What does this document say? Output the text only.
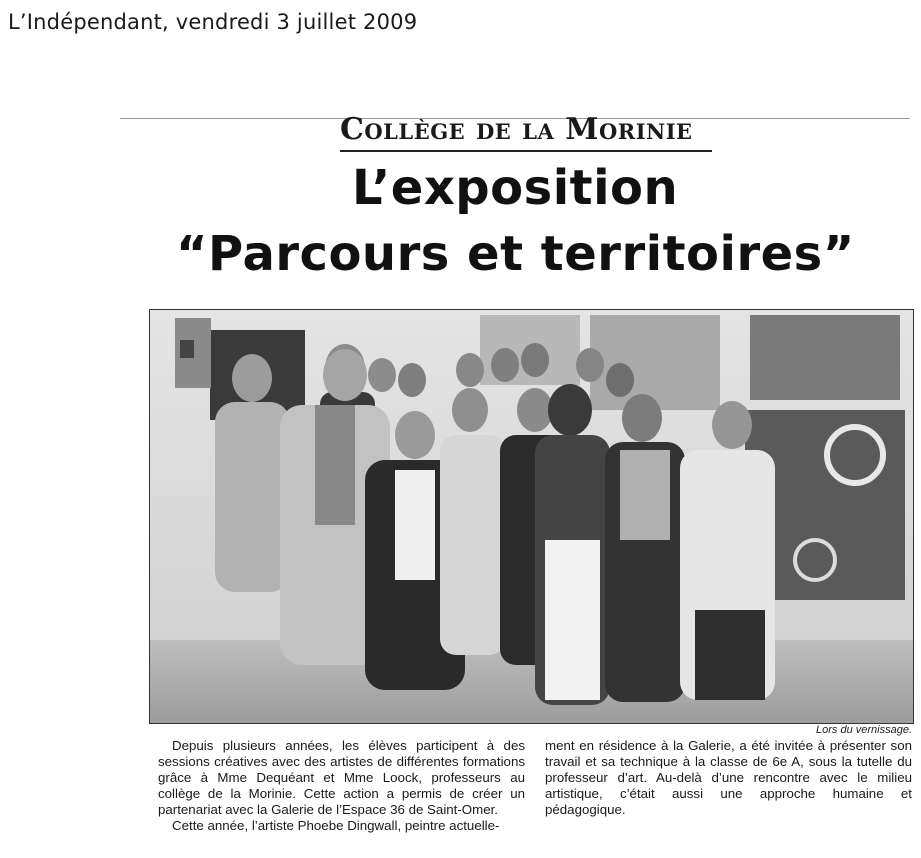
L’Indépendant, vendredi 3 juillet 2009
Collège de la Morinie
L’exposition
“Parcours et territoires”
Lors du vernissage.

Depuis plusieurs années, les élèves participent à des sessions créatives avec des artistes de différentes formations grâce à Mme Dequéant et Mme Loock, professeurs au collège de la Morinie. Cette action a permis de créer un partenariat avec la Galerie de l’Espace 36 de Saint-Omer.

Cette année, l’artiste Phoebe Dingwall, peintre actuelle-

ment en résidence à la Galerie, a été invitée à présenter son travail et sa technique à la classe de 6e A, sous la tutelle du professeur d’art. Au-delà d’une rencontre avec le milieu artistique, c’était aussi une approche humaine et pédagogique.
